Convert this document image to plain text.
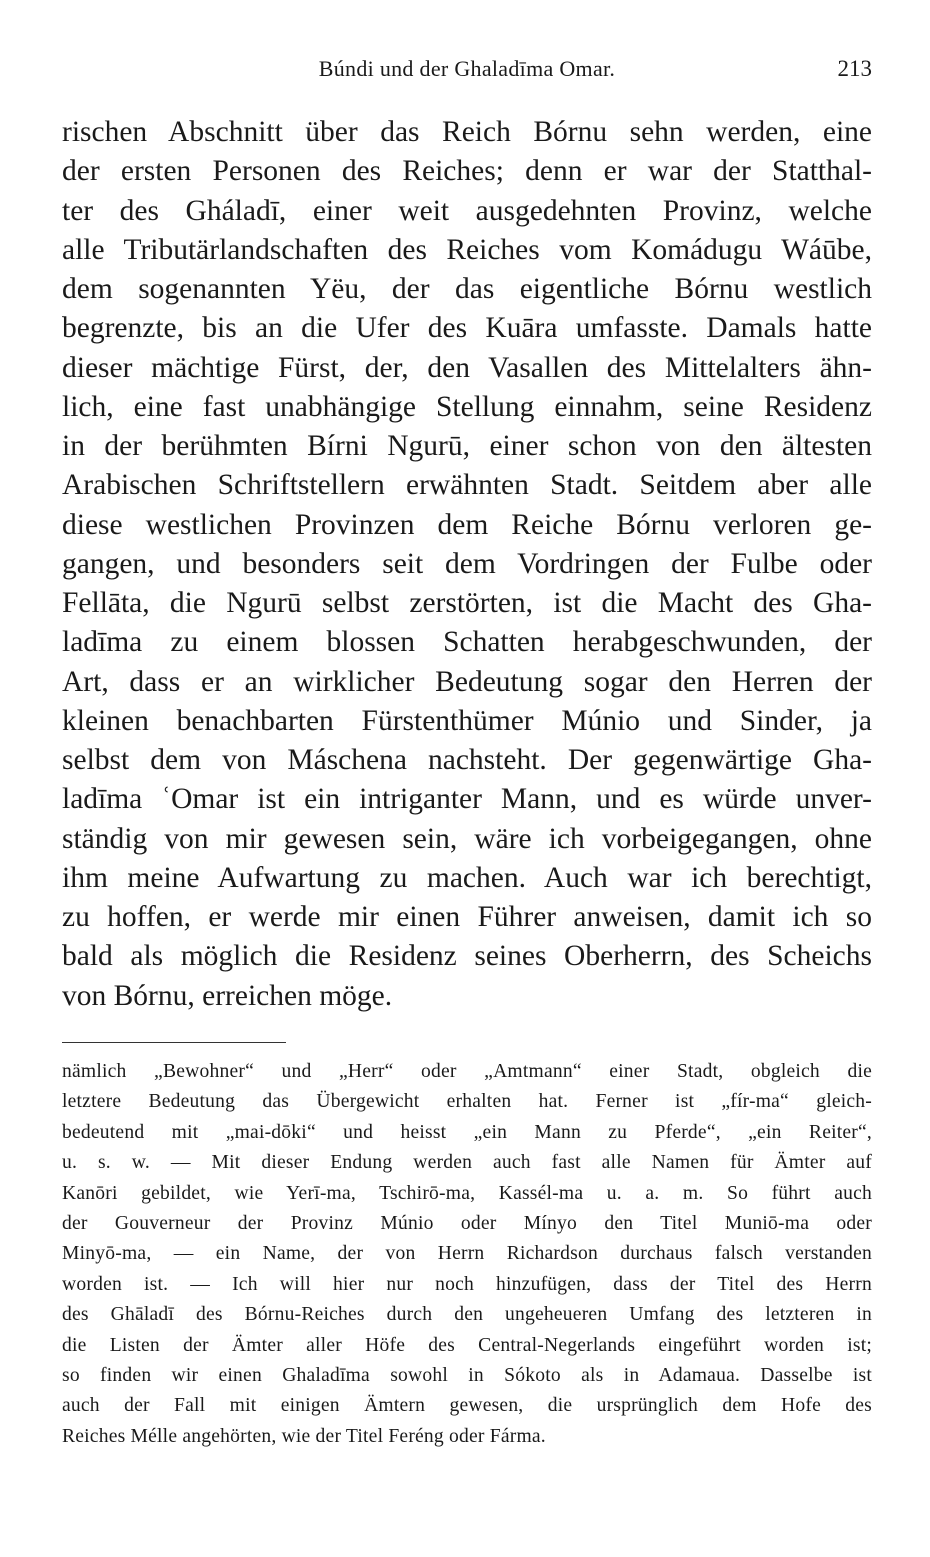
Búndi und der Ghaladīma Omar.	213
rischen Abschnitt über das Reich Bórnu sehn werden, eine
der ersten Personen des Reiches; denn er war der Statthal-
ter des Gháladī, einer weit ausgedehnten Provinz, welche
alle Tributärlandschaften des Reiches vom Komádugu Wáūbe,
dem sogenannten Yëu, der das eigentliche Bórnu westlich
begrenzte, bis an die Ufer des Kuāra umfasste. Damals hatte
dieser mächtige Fürst, der, den Vasallen des Mittelalters ähn-
lich, eine fast unabhängige Stellung einnahm, seine Residenz
in der berühmten Bírni Ngurū, einer schon von den ältesten
Arabischen Schriftstellern erwähnten Stadt. Seitdem aber alle
diese westlichen Provinzen dem Reiche Bórnu verloren ge-
gangen, und besonders seit dem Vordringen der Fulbe oder
Fellāta, die Ngurū selbst zerstörten, ist die Macht des Gha-
ladīma zu einem blossen Schatten herabgeschwunden, der
Art, dass er an wirklicher Bedeutung sogar den Herren der
kleinen benachbarten Fürstenthümer Múnio und Sinder, ja
selbst dem von Máschena nachsteht. Der gegenwärtige Gha-
ladīma ʿOmar ist ein intriganter Mann, und es würde unver-
ständig von mir gewesen sein, wäre ich vorbeigegangen, ohne
ihm meine Aufwartung zu machen. Auch war ich berechtigt,
zu hoffen, er werde mir einen Führer anweisen, damit ich so
bald als möglich die Residenz seines Oberherrn, des Scheichs
von Bórnu, erreichen möge.
nämlich „Bewohner“ und „Herr“ oder „Amtmann“ einer Stadt, obgleich die
letztere Bedeutung das Übergewicht erhalten hat. Ferner ist „fír-ma“ gleich-
bedeutend mit „mai-dōki“ und heisst „ein Mann zu Pferde“, „ein Reiter“,
u. s. w. — Mit dieser Endung werden auch fast alle Namen für Ämter auf
Kanōri gebildet, wie Yerī-ma, Tschirō-ma, Kassél-ma u. a. m. So führt auch
der Gouverneur der Provinz Múnio oder Mínyo den Titel Muniō-ma oder
Minyō-ma, — ein Name, der von Herrn Richardson durchaus falsch verstanden
worden ist. — Ich will hier nur noch hinzufügen, dass der Titel des Herrn
des Ghāladī des Bórnu-Reiches durch den ungeheueren Umfang des letzteren in
die Listen der Ämter aller Höfe des Central-Negerlands eingeführt worden ist;
so finden wir einen Ghaladīma sowohl in Sókoto als in Adamaua. Dasselbe ist
auch der Fall mit einigen Ämtern gewesen, die ursprünglich dem Hofe des
Reiches Mélle angehörten, wie der Titel Feréng oder Fárma.
